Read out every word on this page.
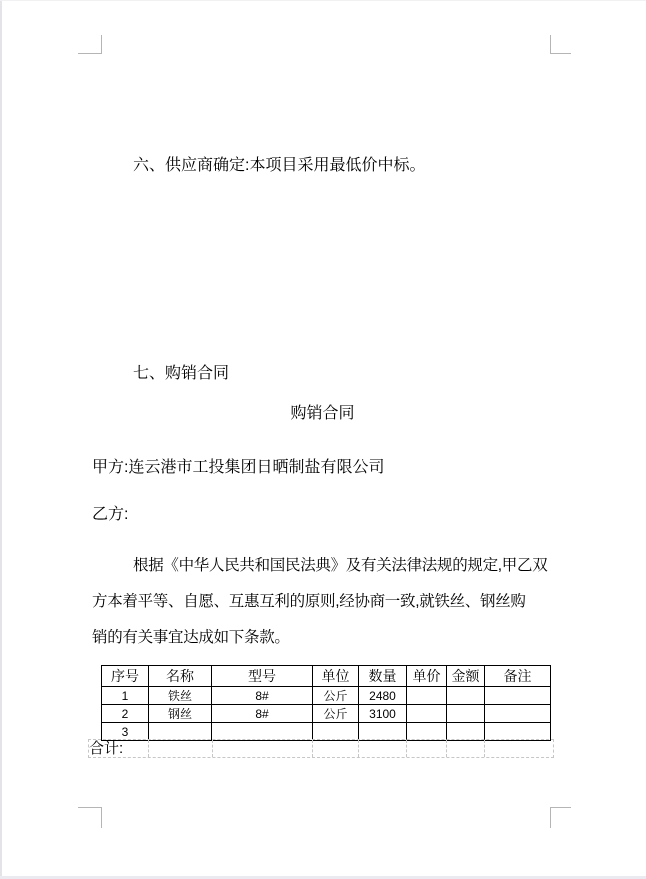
六、供应商确定:本项目采用最低价中标。
七、购销合同
购销合同
甲方:连云港市工投集团日晒制盐有限公司
乙方:
根据《中华人民共和国民法典》及有关法律法规的规定,甲乙双
方本着平等、自愿、互惠互利的原则,经协商一致,就铁丝、钢丝购
销的有关事宜达成如下条款。
序号	名称	型号	单位	数量	单价	金额	备注
1	铁丝	8#	公斤	2480			
2	钢丝	8#	公斤	3100			
3							
合计:
